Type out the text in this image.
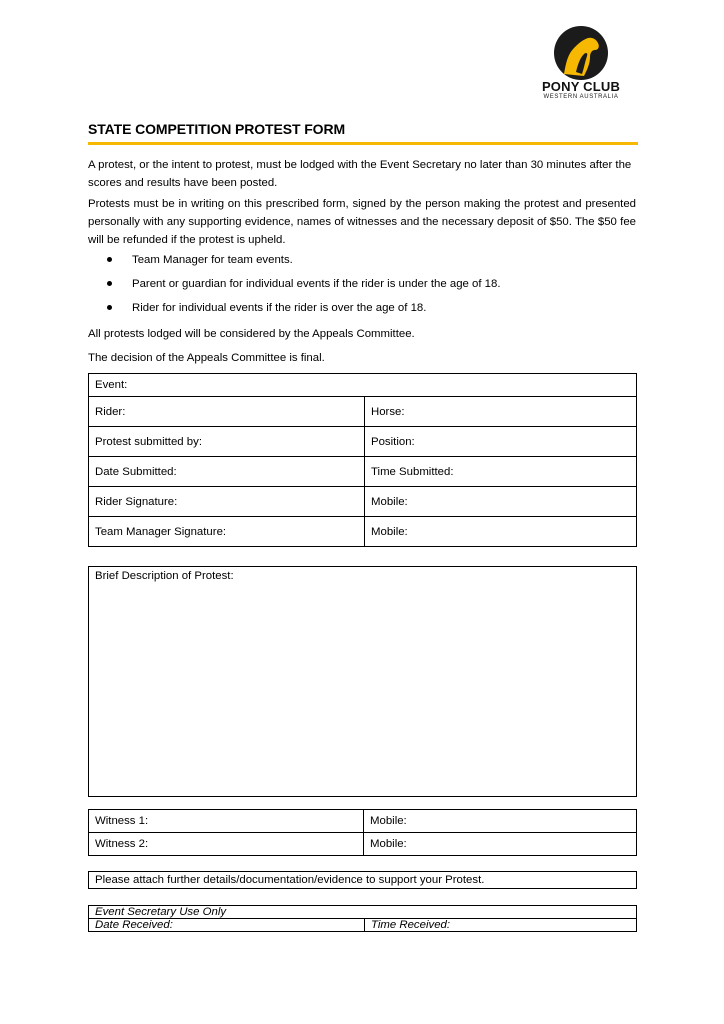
PONY CLUB
WESTERN AUSTRALIA
STATE COMPETITION PROTEST FORM
A protest, or the intent to protest, must be lodged with the Event Secretary no later than 30 minutes after the scores and results have been posted.
Protests must be in writing on this prescribed form, signed by the person making the protest and presented personally with any supporting evidence, names of witnesses and the necessary deposit of $50. The $50 fee will be refunded if the protest is upheld.
Team Manager for team events.
Parent or guardian for individual events if the rider is under the age of 18.
Rider for individual events if the rider is over the age of 18.
All protests lodged will be considered by the Appeals Committee.
The decision of the Appeals Committee is final.
Event:	
Rider:	Horse:
Protest submitted by:	Position:
Date Submitted:	Time Submitted:
Rider Signature:	Mobile:
Team Manager Signature:	Mobile:
Brief Description of Protest:
Witness 1:	Mobile:
Witness 2:	Mobile:
Please attach further details/documentation/evidence to support your Protest.
Event Secretary Use Only
Date Received:	Time Received:
